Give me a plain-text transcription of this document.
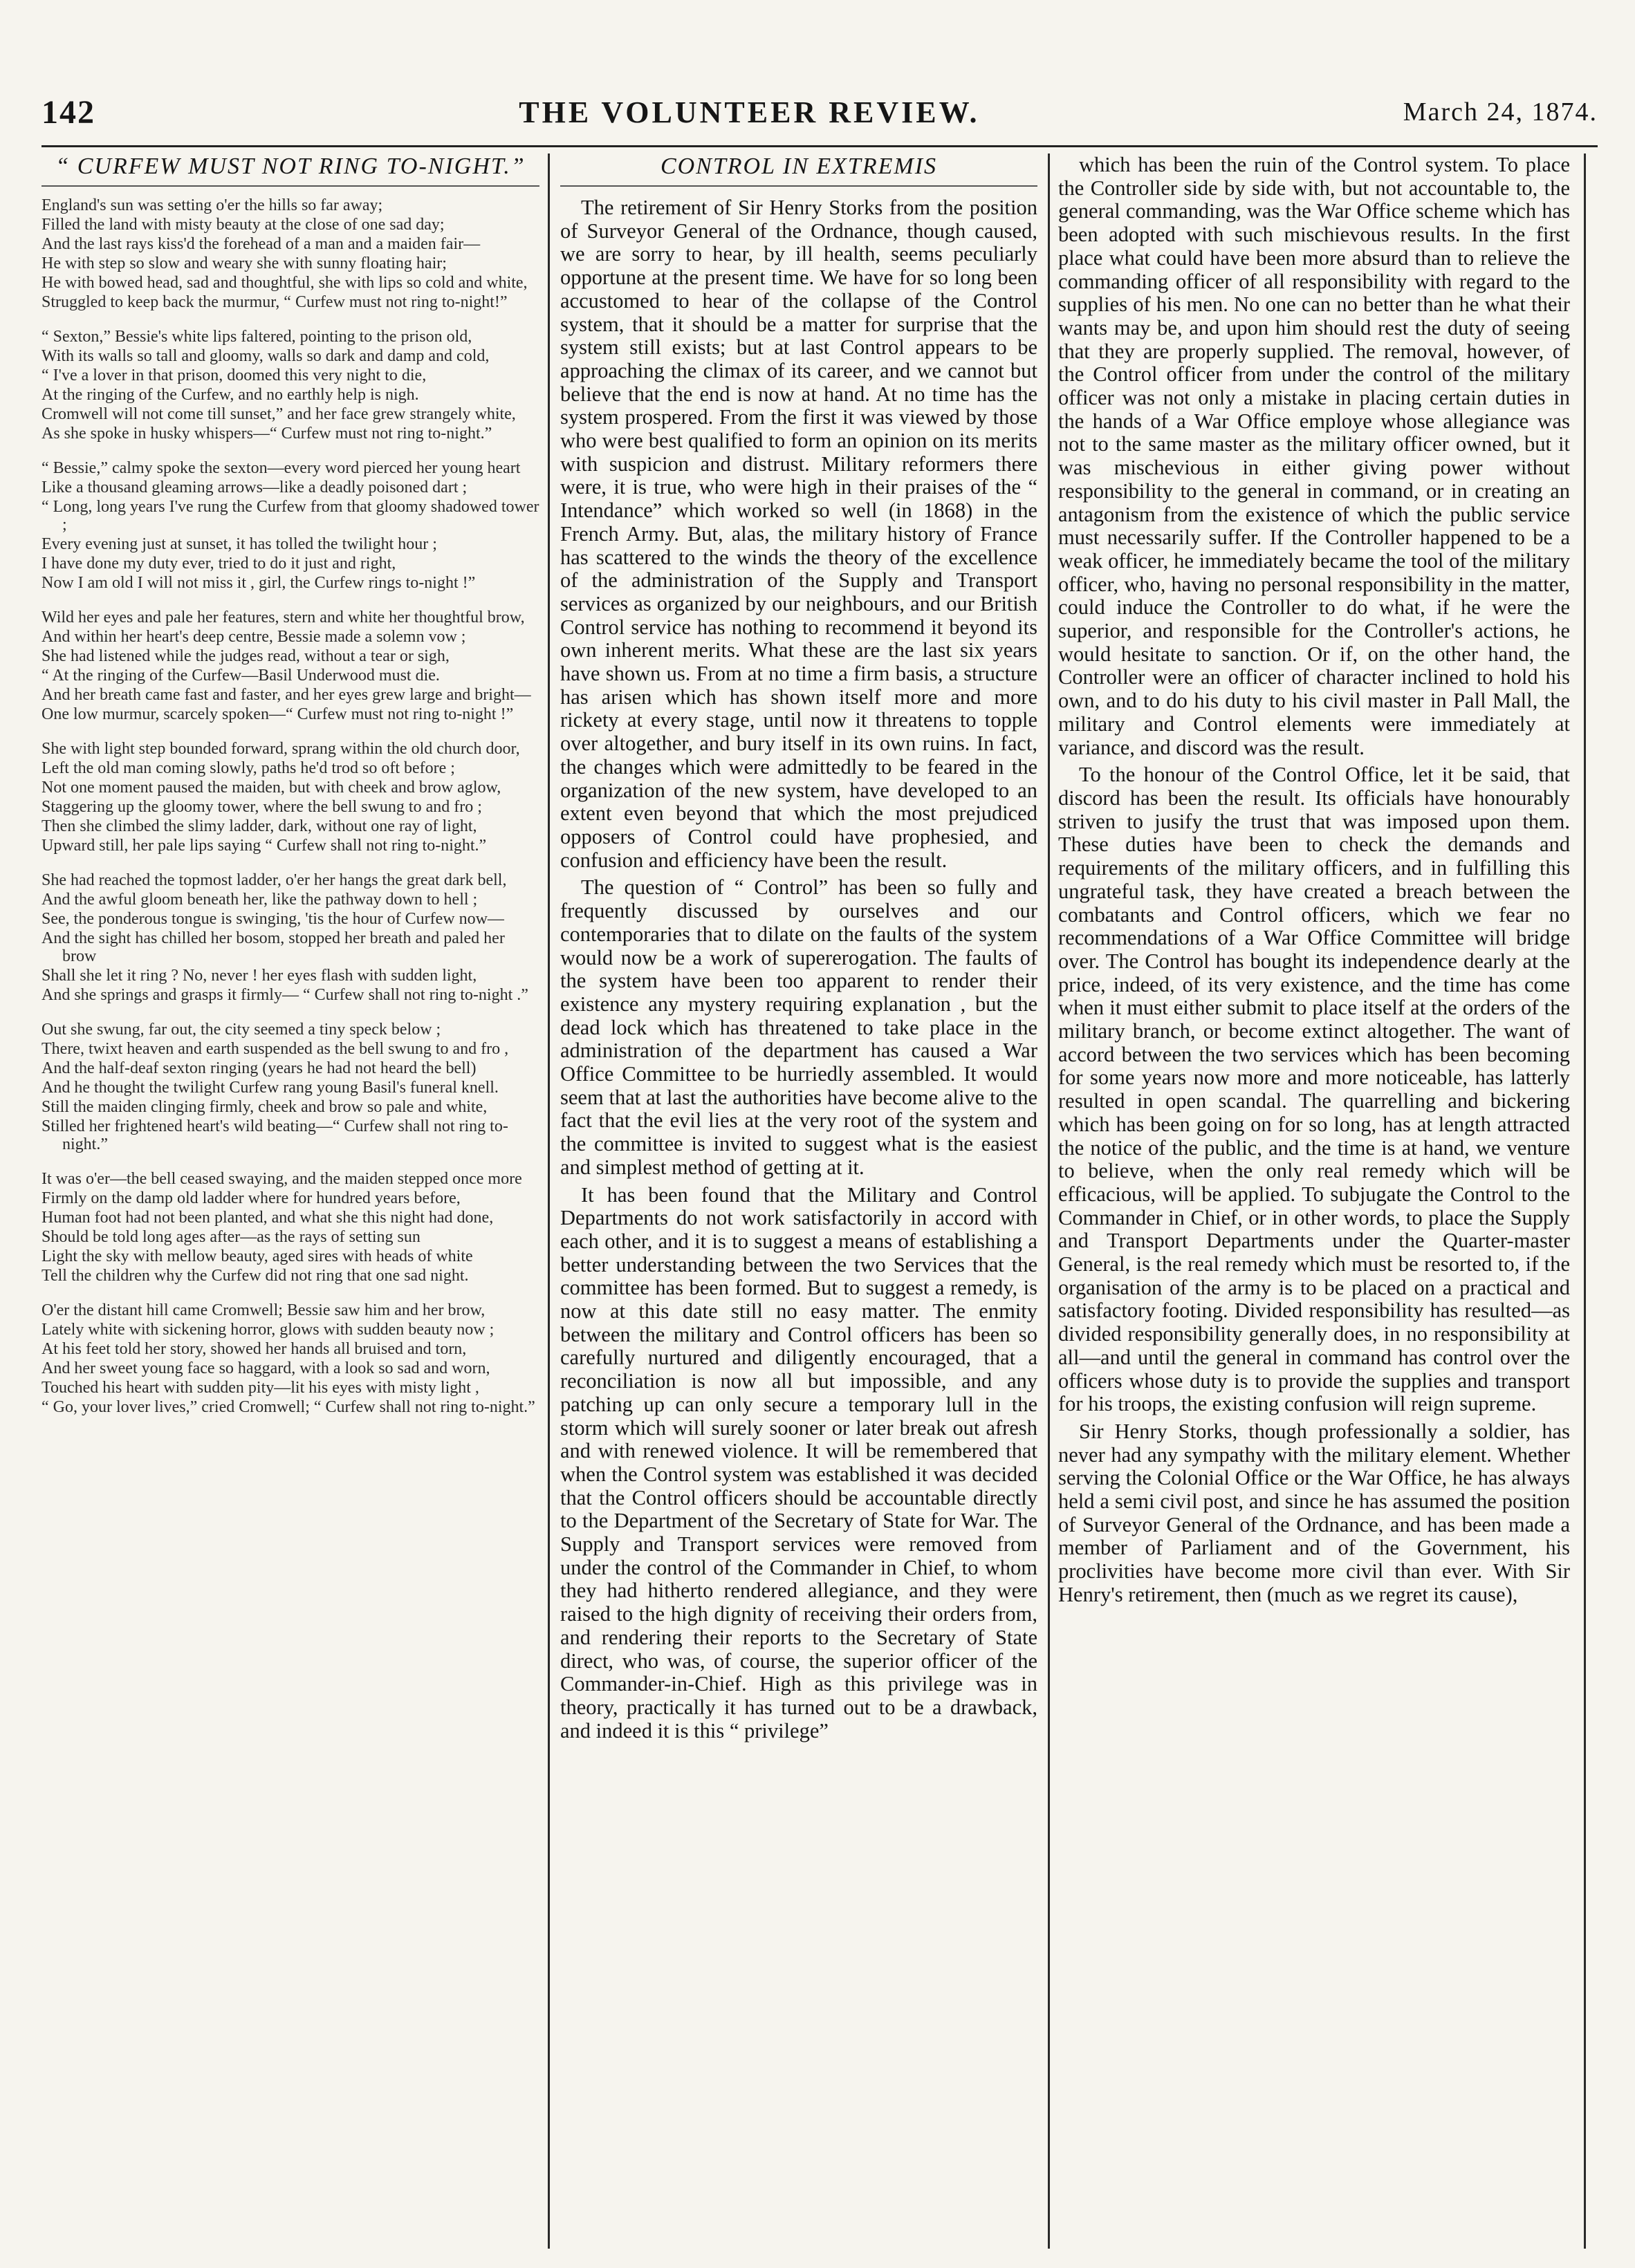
142	THE VOLUNTEER REVIEW.	March 24, 1874.
“ CURFEW MUST NOT RING TO-NIGHT.”

England's sun was setting o'er the hills so far away;

Filled the land with misty beauty at the close of one sad day;

And the last rays kiss'd the forehead of a man and a maiden fair—

He with step so slow and weary she with sunny floating hair;

He with bowed head, sad and thoughtful, she with lips so cold and white,

Struggled to keep back the murmur, “ Curfew must not ring to-night!”

“ Sexton,” Bessie's white lips faltered, pointing to the prison old,

With its walls so tall and gloomy, walls so dark and damp and cold,

“ I've a lover in that prison, doomed this very night to die,

At the ringing of the Curfew, and no earthly help is nigh.

Cromwell will not come till sunset,” and her face grew strangely white,

As she spoke in husky whispers—“ Curfew must not ring to-night.”

“ Bessie,” calmy spoke the sexton—every word pierced her young heart

Like a thousand gleaming arrows—like a deadly poisoned dart ;

“ Long, long years I've rung the Curfew from that gloomy shadowed tower ;

Every evening just at sunset, it has tolled the twilight hour ;

I have done my duty ever, tried to do it just and right,

Now I am old I will not miss it , girl, the Curfew rings to-night !”

Wild her eyes and pale her features, stern and white her thoughtful brow,

And within her heart's deep centre, Bessie made a solemn vow ;

She had listened while the judges read, without a tear or sigh,

“ At the ringing of the Curfew—Basil Underwood must die.

And her breath came fast and faster, and her eyes grew large and bright—

One low murmur, scarcely spoken—“ Curfew must not ring to-night !”

She with light step bounded forward, sprang within the old church door,

Left the old man coming slowly, paths he'd trod so oft before ;

Not one moment paused the maiden, but with cheek and brow aglow,

Staggering up the gloomy tower, where the bell swung to and fro ;

Then she climbed the slimy ladder, dark, without one ray of light,

Upward still, her pale lips saying “ Curfew shall not ring to-night.”

She had reached the topmost ladder, o'er her hangs the great dark bell,

And the awful gloom beneath her, like the pathway down to hell ;

See, the ponderous tongue is swinging, 'tis the hour of Curfew now—

And the sight has chilled her bosom, stopped her breath and paled her brow

Shall she let it ring ? No, never ! her eyes flash with sudden light,

And she springs and grasps it firmly— “ Curfew shall not ring to-night .”

Out she swung, far out, the city seemed a tiny speck below ;

There, twixt heaven and earth suspended as the bell swung to and fro ,

And the half-deaf sexton ringing (years he had not heard the bell)

And he thought the twilight Curfew rang young Basil's funeral knell.

Still the maiden clinging firmly, cheek and brow so pale and white,

Stilled her frightened heart's wild beating—“ Curfew shall not ring to-night.”

It was o'er—the bell ceased swaying, and the maiden stepped once more

Firmly on the damp old ladder where for hundred years before,

Human foot had not been planted, and what she this night had done,

Should be told long ages after—as the rays of setting sun

Light the sky with mellow beauty, aged sires with heads of white

Tell the children why the Curfew did not ring that one sad night.

O'er the distant hill came Cromwell; Bessie saw him and her brow,

Lately white with sickening horror, glows with sudden beauty now ;

At his feet told her story, showed her hands all bruised and torn,

And her sweet young face so haggard, with a look so sad and worn,

Touched his heart with sudden pity—lit his eyes with misty light ,

“ Go, your lover lives,” cried Cromwell; “ Curfew shall not ring to-night.”

CONTROL IN EXTREMIS

The retirement of Sir Henry Storks from the position of Surveyor General of the Ordnance, though caused, we are sorry to hear, by ill health, seems peculiarly opportune at the present time. We have for so long been accustomed to hear of the collapse of the Control system, that it should be a matter for surprise that the system still exists; but at last Control appears to be approaching the climax of its career, and we cannot but believe that the end is now at hand. At no time has the system prospered. From the first it was viewed by those who were best qualified to form an opinion on its merits with suspicion and distrust. Military reformers there were, it is true, who were high in their praises of the “ Intendance” which worked so well (in 1868) in the French Army. But, alas, the military history of France has scattered to the winds the theory of the excellence of the administration of the Supply and Transport services as organized by our neighbours, and our British Control service has nothing to recommend it beyond its own inherent merits. What these are the last six years have shown us. From at no time a firm basis, a structure has arisen which has shown itself more and more rickety at every stage, until now it threatens to topple over altogether, and bury itself in its own ruins. In fact, the changes which were admittedly to be feared in the organization of the new system, have developed to an extent even beyond that which the most prejudiced opposers of Control could have prophesied, and confusion and efficiency have been the result.

The question of “ Control” has been so fully and frequently discussed by ourselves and our contemporaries that to dilate on the faults of the system would now be a work of supererogation. The faults of the system have been too apparent to render their existence any mystery requiring explanation , but the dead lock which has threatened to take place in the administration of the department has caused a War Office Committee to be hurriedly assembled. It would seem that at last the authorities have become alive to the fact that the evil lies at the very root of the system and the committee is invited to suggest what is the easiest and simplest method of getting at it.

It has been found that the Military and Control Departments do not work satisfactorily in accord with each other, and it is to suggest a means of establishing a better understanding between the two Services that the committee has been formed. But to suggest a remedy, is now at this date still no easy matter. The enmity between the military and Control officers has been so carefully nurtured and diligently encouraged, that a reconciliation is now all but impossible, and any patching up can only secure a temporary lull in the storm which will surely sooner or later break out afresh and with renewed violence. It will be remembered that when the Control system was established it was decided that the Control officers should be accountable directly to the Department of the Secretary of State for War. The Supply and Transport services were removed from under the control of the Commander in Chief, to whom they had hitherto rendered allegiance, and they were raised to the high dignity of receiving their orders from, and rendering their reports to the Secretary of State direct, who was, of course, the superior officer of the Commander-in-Chief. High as this privilege was in theory, practically it has turned out to be a drawback, and indeed it is this “ privilege”

which has been the ruin of the Control system. To place the Controller side by side with, but not accountable to, the general commanding, was the War Office scheme which has been adopted with such mischievous results. In the first place what could have been more absurd than to relieve the commanding officer of all responsibility with regard to the supplies of his men. No one can no better than he what their wants may be, and upon him should rest the duty of seeing that they are properly supplied. The removal, however, of the Control officer from under the control of the military officer was not only a mistake in placing certain duties in the hands of a War Office employe whose allegiance was not to the same master as the military officer owned, but it was mischevious in either giving power without responsibility to the general in command, or in creating an antagonism from the existence of which the public service must necessarily suffer. If the Controller happened to be a weak officer, he immediately became the tool of the military officer, who, having no personal responsibility in the matter, could induce the Controller to do what, if he were the superior, and responsible for the Controller's actions, he would hesitate to sanction. Or if, on the other hand, the Controller were an officer of character inclined to hold his own, and to do his duty to his civil master in Pall Mall, the military and Control elements were immediately at variance, and discord was the result.

To the honour of the Control Office, let it be said, that discord has been the result. Its officials have honourably striven to jusify the trust that was imposed upon them. These duties have been to check the demands and requirements of the military officers, and in fulfilling this ungrateful task, they have created a breach between the combatants and Control officers, which we fear no recommendations of a War Office Committee will bridge over. The Control has bought its independence dearly at the price, indeed, of its very existence, and the time has come when it must either submit to place itself at the orders of the military branch, or become extinct altogether. The want of accord between the two services which has been becoming for some years now more and more noticeable, has latterly resulted in open scandal. The quarrelling and bickering which has been going on for so long, has at length attracted the notice of the public, and the time is at hand, we venture to believe, when the only real remedy which will be efficacious, will be applied. To subjugate the Control to the Commander in Chief, or in other words, to place the Supply and Transport Departments under the Quarter-master General, is the real remedy which must be resorted to, if the organisation of the army is to be placed on a practical and satisfactory footing. Divided responsibility has resulted—as divided responsibility generally does, in no responsibility at all—and until the general in command has control over the officers whose duty is to provide the supplies and transport for his troops, the existing confusion will reign supreme.

Sir Henry Storks, though professionally a soldier, has never had any sympathy with the military element. Whether serving the Colonial Office or the War Office, he has always held a semi civil post, and since he has assumed the position of Surveyor General of the Ordnance, and has been made a member of Parliament and of the Government, his proclivities have become more civil than ever. With Sir Henry's retirement, then (much as we regret its cause),
